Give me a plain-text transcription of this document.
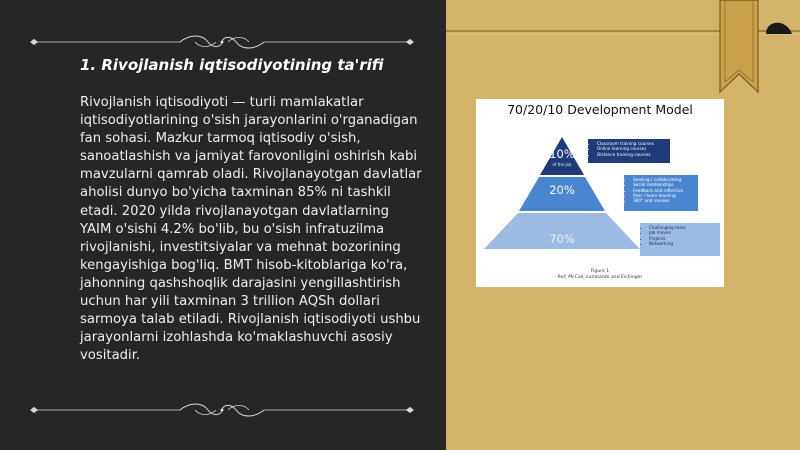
1. Rivojlanish iqtisodiyotining ta'rifi

Rivojlanish iqtisodiyoti — turli mamlakatlar iqtisodiyotlarining o'sish jarayonlarini o'rganadigan fan sohasi. Mazkur tarmoq iqtisodiy o'sish, sanoatlashish va jamiyat farovonligini oshirish kabi mavzularni qamrab oladi. Rivojlanayotgan davlatlar aholisi dunyo bo'yicha taxminan 85% ni tashkil etadi. 2020 yilda rivojlanayotgan davlatlarning YAIM o'sishi 4.2% bo'lib, bu o'sish infratuzilma rivojlanishi, investitsiyalar va mehnat bozorining kengayishiga bog'liq. BMT hisob-kitoblariga ko'ra, jahonning qashshoqlik darajasini yengillashtirish uchun har yili taxminan 3 trillion AQSh dollari sarmoya talab etiladi. Rivojlanish iqtisodiyoti ushbu jarayonlarni izohlashda ko'maklashuvchi asosiy vositadir.

70/20/10 Development Model
10%
of the job
20%
70%
• Classroom training courses
• Online learning courses
• Distance training courses
• Seeking / collaborating
• Social relationships
• Feedback and reflection
• Peer / team learning
• 360° and reviews
• Challenging tasks
• Job moves
• Projects
• Networking
Figure 1
Ref: McCall, Lombardo and Eichinger
